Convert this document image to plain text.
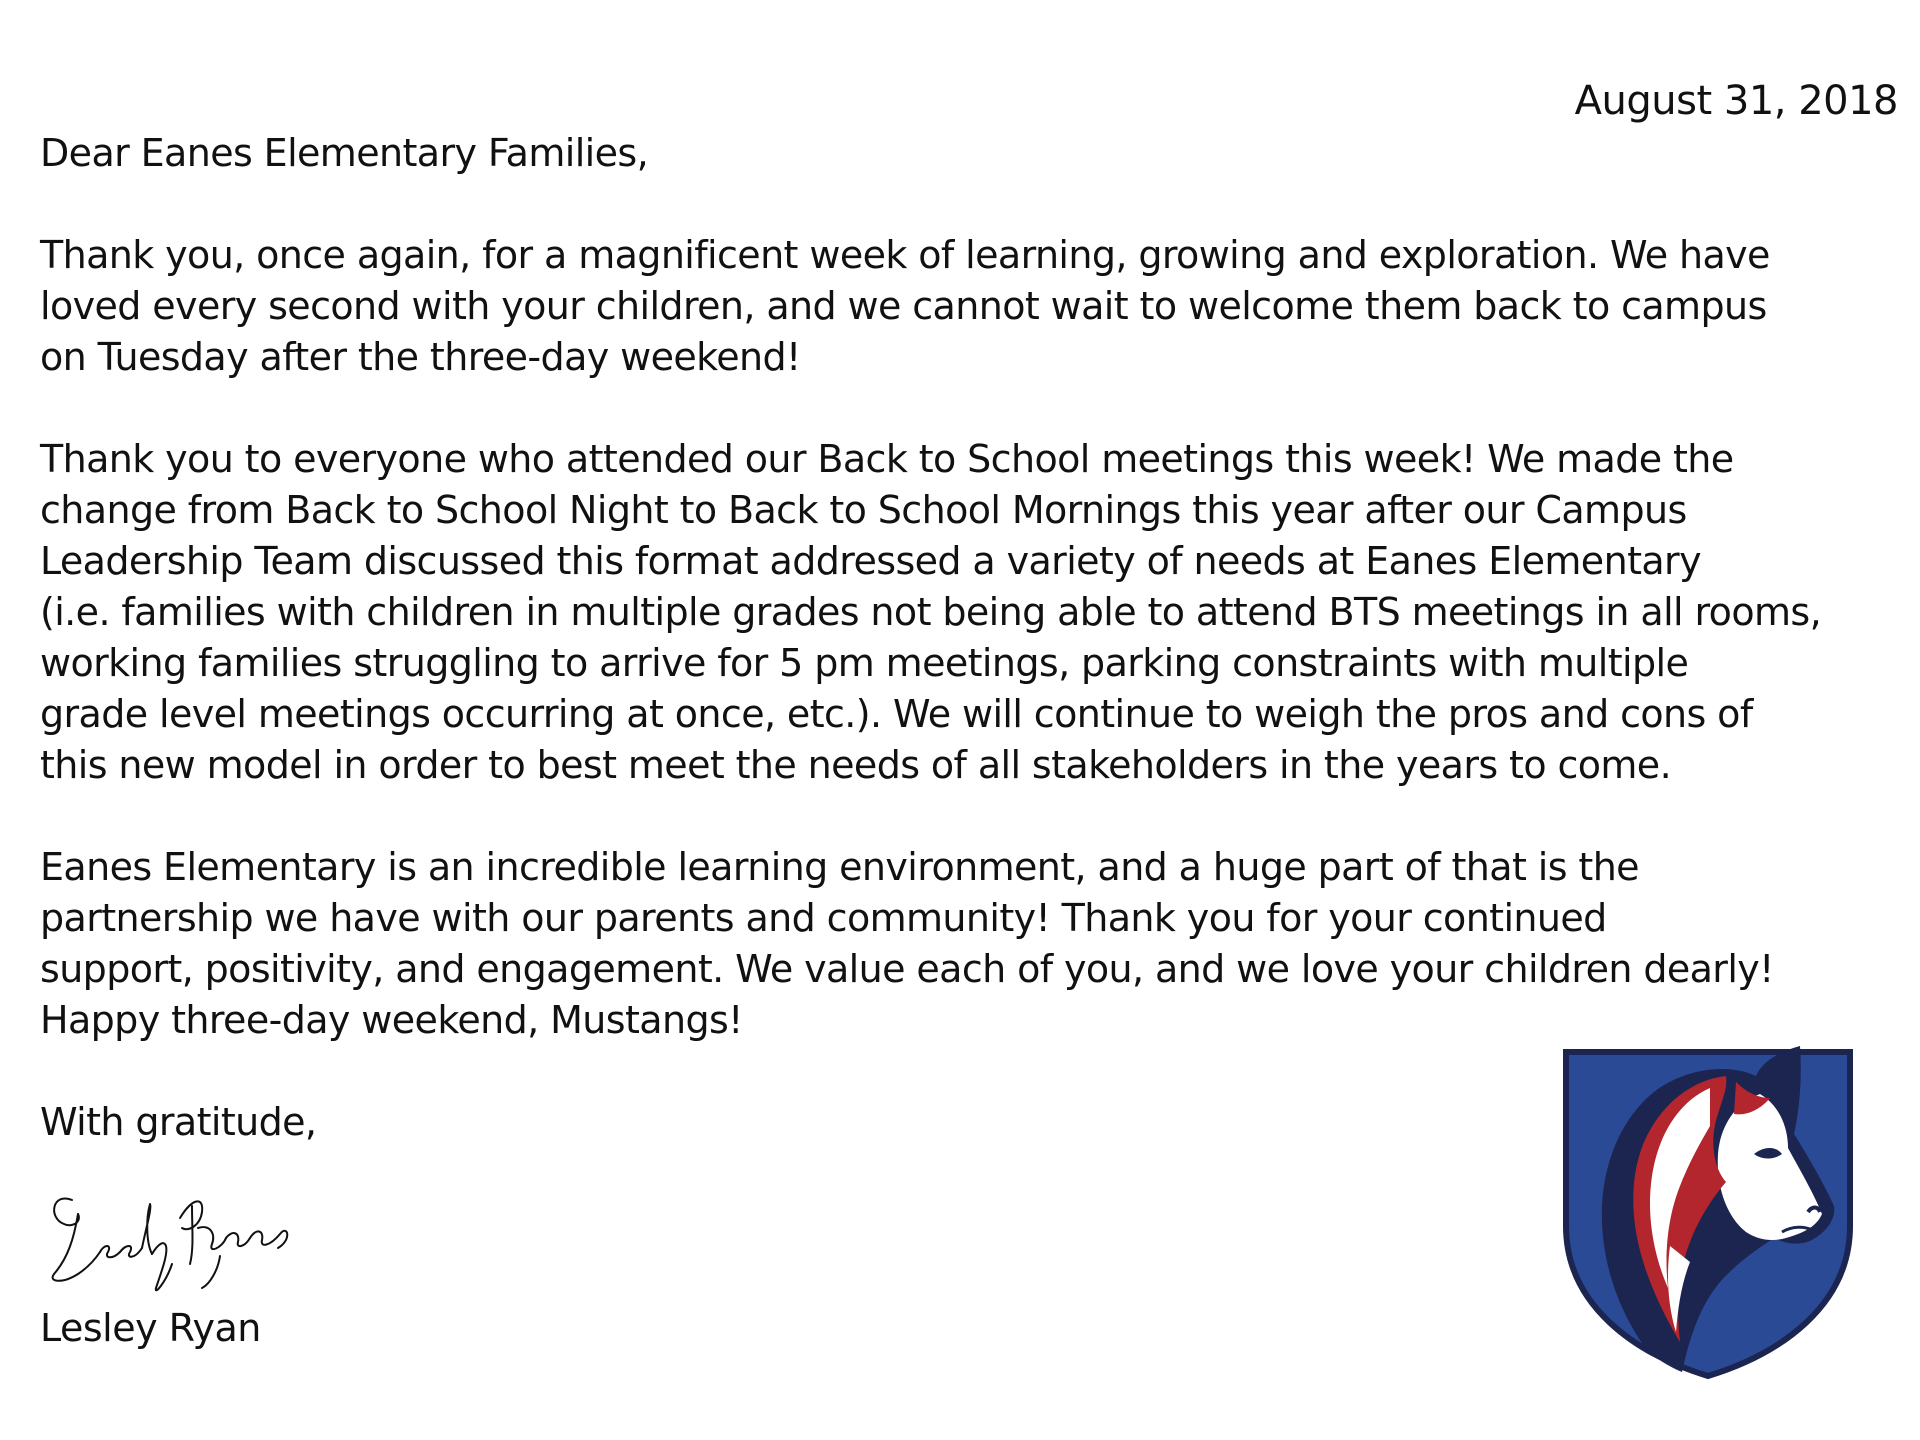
August 31, 2018
Dear Eanes Elementary Families,
Thank you, once again, for a magnificent week of learning, growing and exploration. We have
loved every second with your children, and we cannot wait to welcome them back to campus
on Tuesday after the three-day weekend!
Thank you to everyone who attended our Back to School meetings this week! We made the
change from Back to School Night to Back to School Mornings this year after our Campus
Leadership Team discussed this format addressed a variety of needs at Eanes Elementary
(i.e. families with children in multiple grades not being able to attend BTS meetings in all rooms,
working families struggling to arrive for 5 pm meetings, parking constraints with multiple
grade level meetings occurring at once, etc.). We will continue to weigh the pros and cons of
this new model in order to best meet the needs of all stakeholders in the years to come.
Eanes Elementary is an incredible learning environment, and a huge part of that is the
partnership we have with our parents and community! Thank you for your continued
support, positivity, and engagement. We value each of you, and we love your children dearly!
Happy three-day weekend, Mustangs!
With gratitude,
Lesley Ryan
